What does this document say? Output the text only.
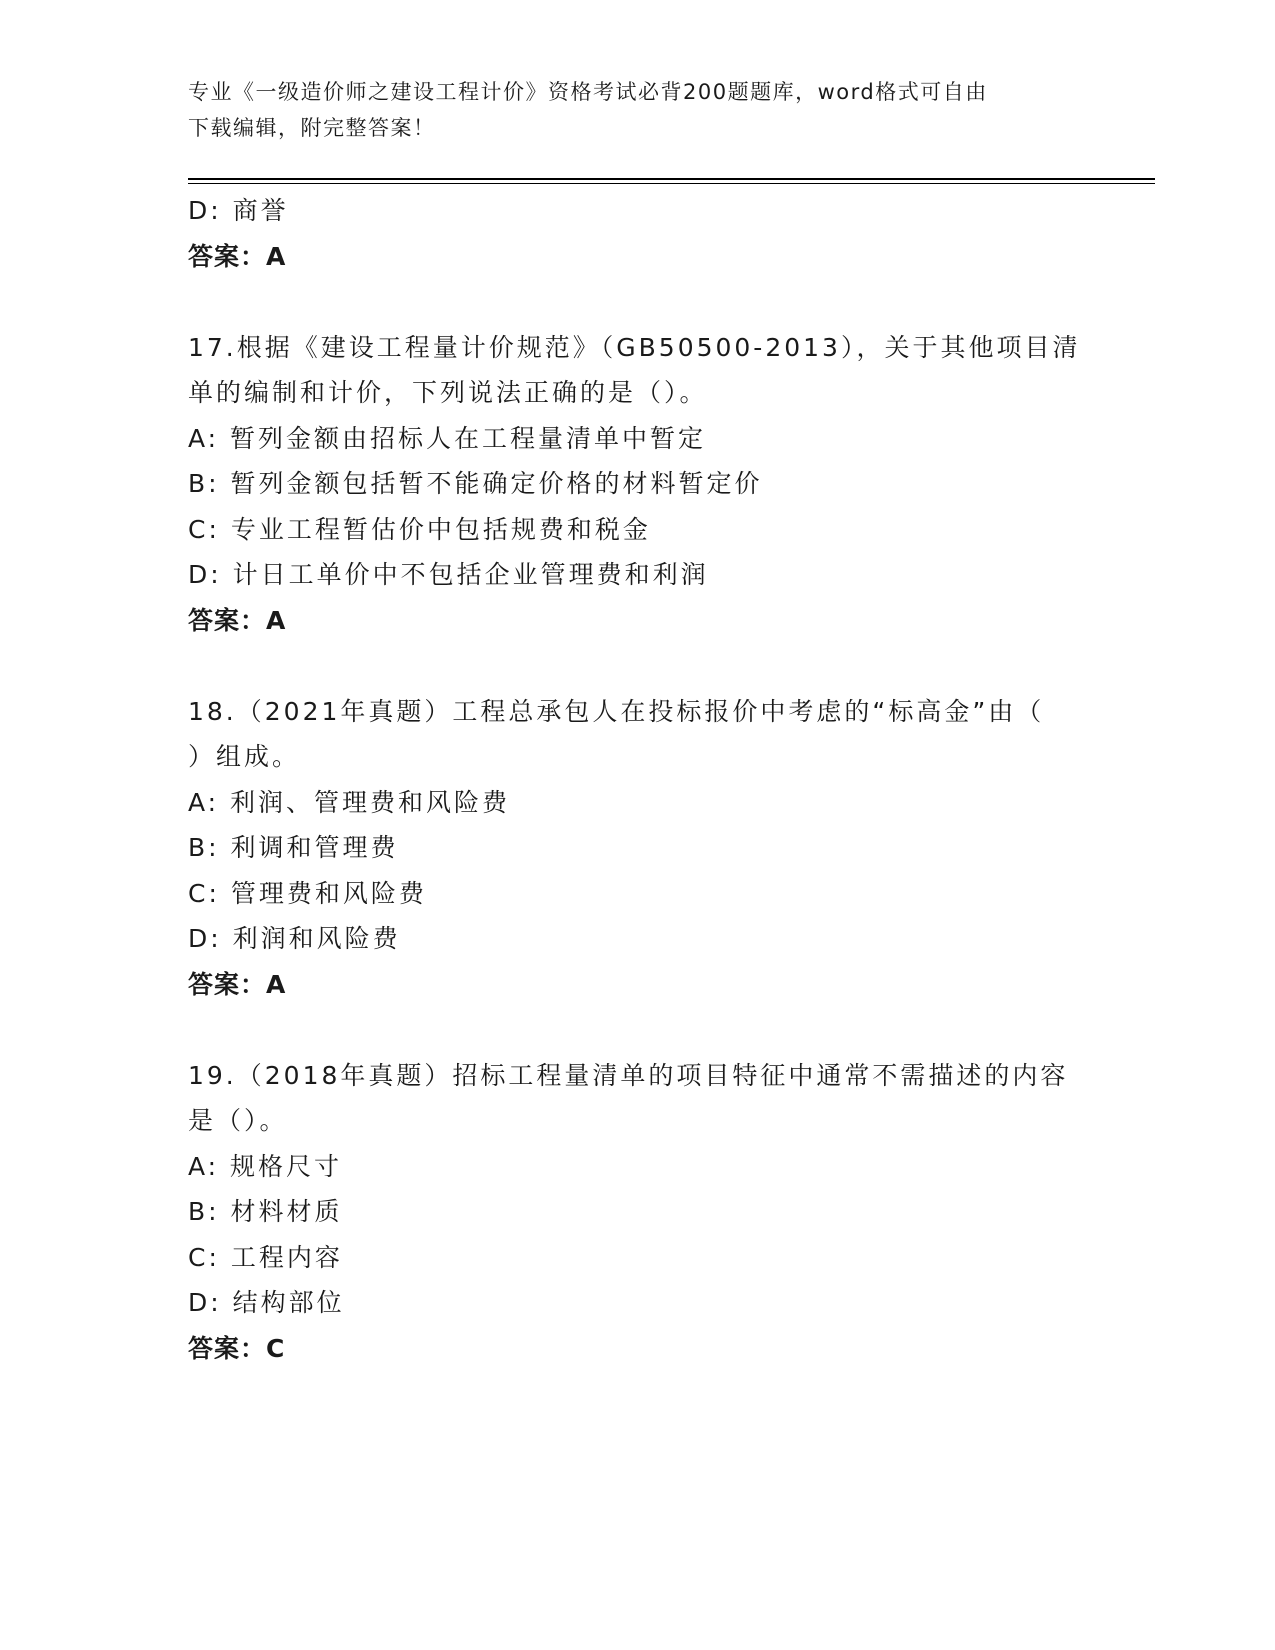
专业《一级造价师之建设工程计价》资格考试必背200题题库，word格式可自由
下载编辑，附完整答案！
D: 商誉
答案：A
17.根据《建设工程量计价规范》（GB50500-2013），关于其他项目清
单的编制和计价，下列说法正确的是（）。
A: 暂列金额由招标人在工程量清单中暂定
B: 暂列金额包括暂不能确定价格的材料暂定价
C: 专业工程暂估价中包括规费和税金
D: 计日工单价中不包括企业管理费和利润
答案：A
18.（2021年真题）工程总承包人在投标报价中考虑的“标高金”由（
）组成。
A: 利润、管理费和风险费
B: 利调和管理费
C: 管理费和风险费
D: 利润和风险费
答案：A
19.（2018年真题）招标工程量清单的项目特征中通常不需描述的内容
是（）。
A: 规格尺寸
B: 材料材质
C: 工程内容
D: 结构部位
答案：C
